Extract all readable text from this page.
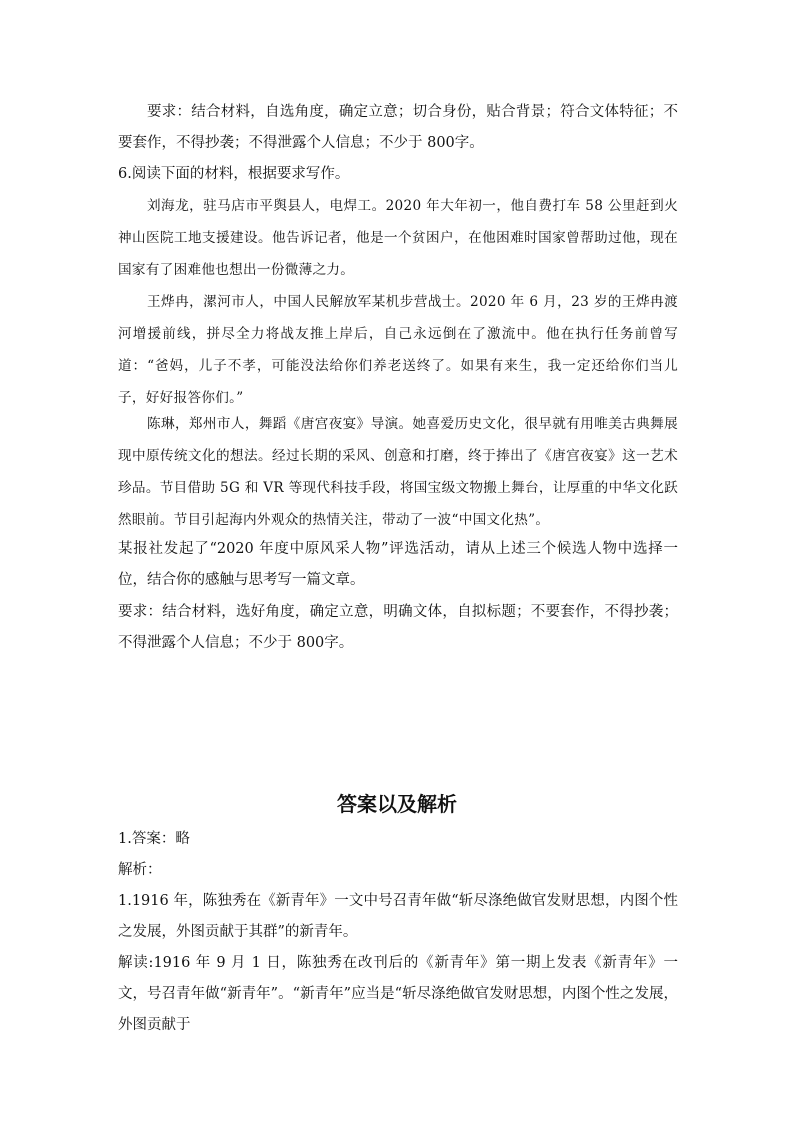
要求：结合材料，自选角度，确定立意；切合身份，贴合背景；符合文体特征；不要套作，不得抄袭；不得泄露个人信息；不少于 800字。

6.阅读下面的材料，根据要求写作。

刘海龙，驻马店市平舆县人，电焊工。2020 年大年初一，他自费打车 58 公里赶到火神山医院工地支援建设。他告诉记者，他是一个贫困户，在他困难时国家曾帮助过他，现在国家有了困难他也想出一份微薄之力。

王烨冉，漯河市人，中国人民解放军某机步营战士。2020 年 6 月，23 岁的王烨冉渡河增援前线，拼尽全力将战友推上岸后，自己永远倒在了激流中。他在执行任务前曾写道：“爸妈，儿子不孝，可能没法给你们养老送终了。如果有来生，我一定还给你们当儿子，好好报答你们。”

陈琳，郑州市人，舞蹈《唐宫夜宴》导演。她喜爱历史文化，很早就有用唯美古典舞展现中原传统文化的想法。经过长期的采风、创意和打磨，终于捧出了《唐宫夜宴》这一艺术珍品。节目借助 5G 和 VR 等现代科技手段，将国宝级文物搬上舞台，让厚重的中华文化跃然眼前。节目引起海内外观众的热情关注，带动了一波“中国文化热”。

某报社发起了“2020 年度中原风采人物”评选活动，请从上述三个候选人物中选择一位，结合你的感触与思考写一篇文章。

要求：结合材料，选好角度，确定立意，明确文体，自拟标题；不要套作，不得抄袭；不得泄露个人信息；不少于 800字。

答案以及解析

1.答案：略

解析：

1.1916 年，陈独秀在《新青年》一文中号召青年做“斩尽涤绝做官发财思想，内图个性之发展，外图贡献于其群”的新青年。

解读:1916 年 9 月 1 日，陈独秀在改刊后的《新青年》第一期上发表《新青年》一文，号召青年做“新青年”。“新青年”应当是“斩尽涤绝做官发财思想，内图个性之发展，外图贡献于
